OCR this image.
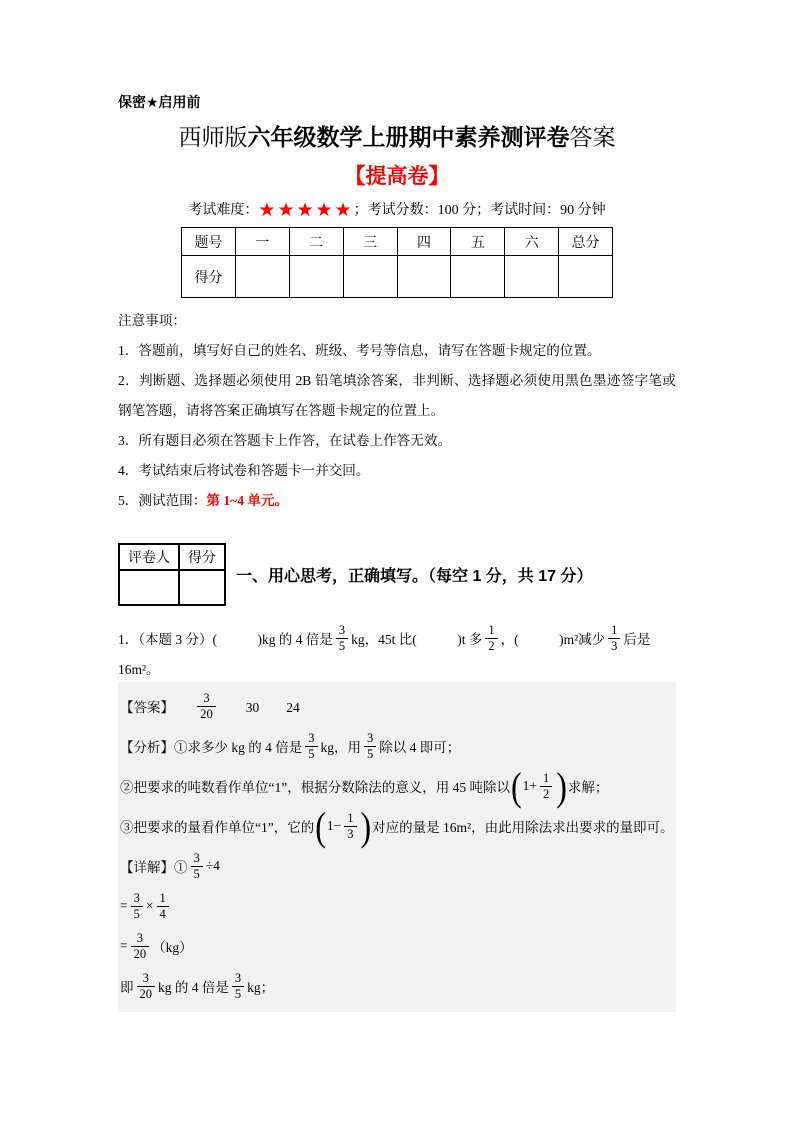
保密★启用前
西师版六年级数学上册期中素养测评卷答案
【提高卷】
考试难度：★★★★★；考试分数：100 分；考试时间：90 分钟
题号	一	二	三	四	五	六	总分
得分							

注意事项：

1．答题前，填写好自己的姓名、班级、考号等信息，请写在答题卡规定的位置。

2．判断题、选择题必须使用 2B 铅笔填涂答案，非判断、选择题必须使用黑色墨迹签字笔或钢笔答题，请将答案正确填写在答题卡规定的位置上。

3．所有题目必须在答题卡上作答，在试卷上作答无效。

4．考试结束后将试卷和答题卡一并交回。

5．测试范围：第 1~4 单元。

评卷人	得分

一、用心思考，正确填写。（每空 1 分，共 17 分）
1．（本题 3 分）(　　　)kg 的 4 倍是 $\frac{3}{5}$ kg，45t 比(　　　)t 多 $\frac{1}{2}$ ，(　　　)m²减少 $\frac{1}{3}$ 后是
16m²。
【答案】　　 $\frac{3}{20}$ 　　30　　24
【分析】①求多少 kg 的 4 倍是 $\frac{3}{5}$ kg，用 $\frac{3}{5}$ 除以 4 即可；
②把要求的吨数看作单位“1”，根据分数除法的意义，用 45 吨除以 ( $1+ \frac{1}{2}$ ) 求解；
③把要求的量看作单位“1”，它的 ( $1- \frac{1}{3}$ ) 对应的量是 16m²，由此用除法求出要求的量即可。
【详解】① $\frac{3}{5} \div 4$
= $\frac{3}{5} \times \frac{1}{4}$
= $\frac{3}{20} (kg)$
即 $\frac{3}{20}$ kg 的 4 倍是 $\frac{3}{5}$ kg；
